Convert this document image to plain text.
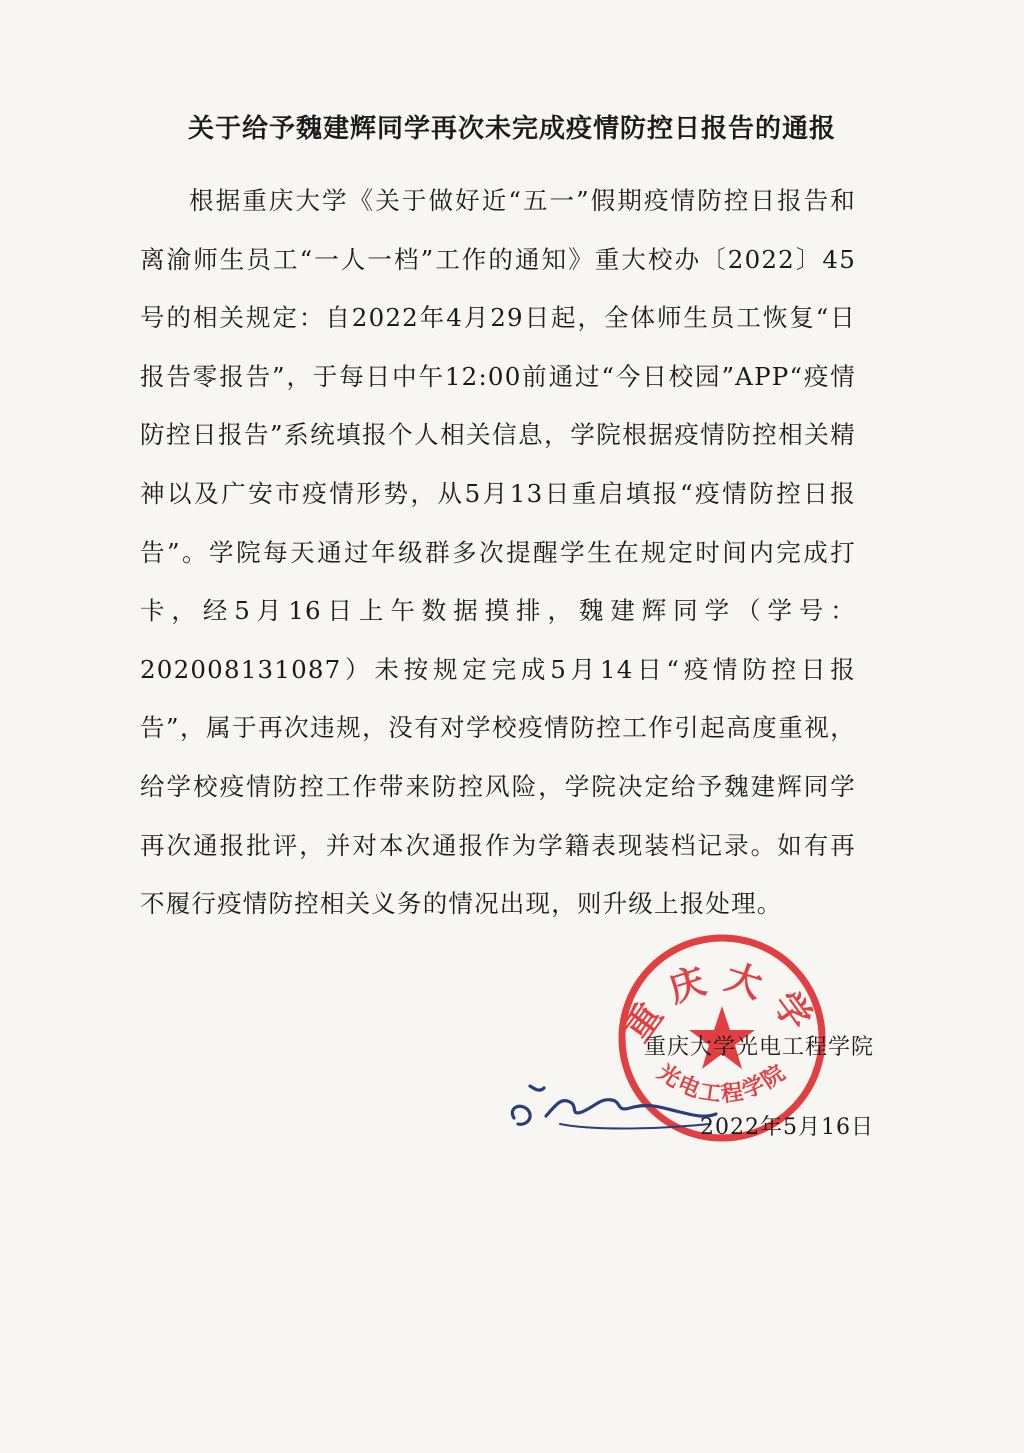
关于给予魏建辉同学再次未完成疫情防控日报告的通报
根据重庆大学《关于做好近“五一”假期疫情防控日报告和离渝师生员工“一人一档”工作的通知》重大校办〔2022〕45号的相关规定：自2022年4月29日起，全体师生员工恢复“日报告零报告”，于每日中午12:00前通过“今日校园”APP“疫情防控日报告”系统填报个人相关信息，学院根据疫情防控相关精神以及广安市疫情形势，从5月13日重启填报“疫情防控日报告”。学院每天通过年级群多次提醒学生在规定时间内完成打卡，经5月16日上午数据摸排，魏建辉同学（学号：202008131087）未按规定完成5月14日“疫情防控日报告”，属于再次违规，没有对学校疫情防控工作引起高度重视，给学校疫情防控工作带来防控风险，学院决定给予魏建辉同学再次通报批评，并对本次通报作为学籍表现装档记录。如有再不履行疫情防控相关义务的情况出现，则升级上报处理。
重庆大学
光电工程学院
重庆大学光电工程学院
2022年5月16日
